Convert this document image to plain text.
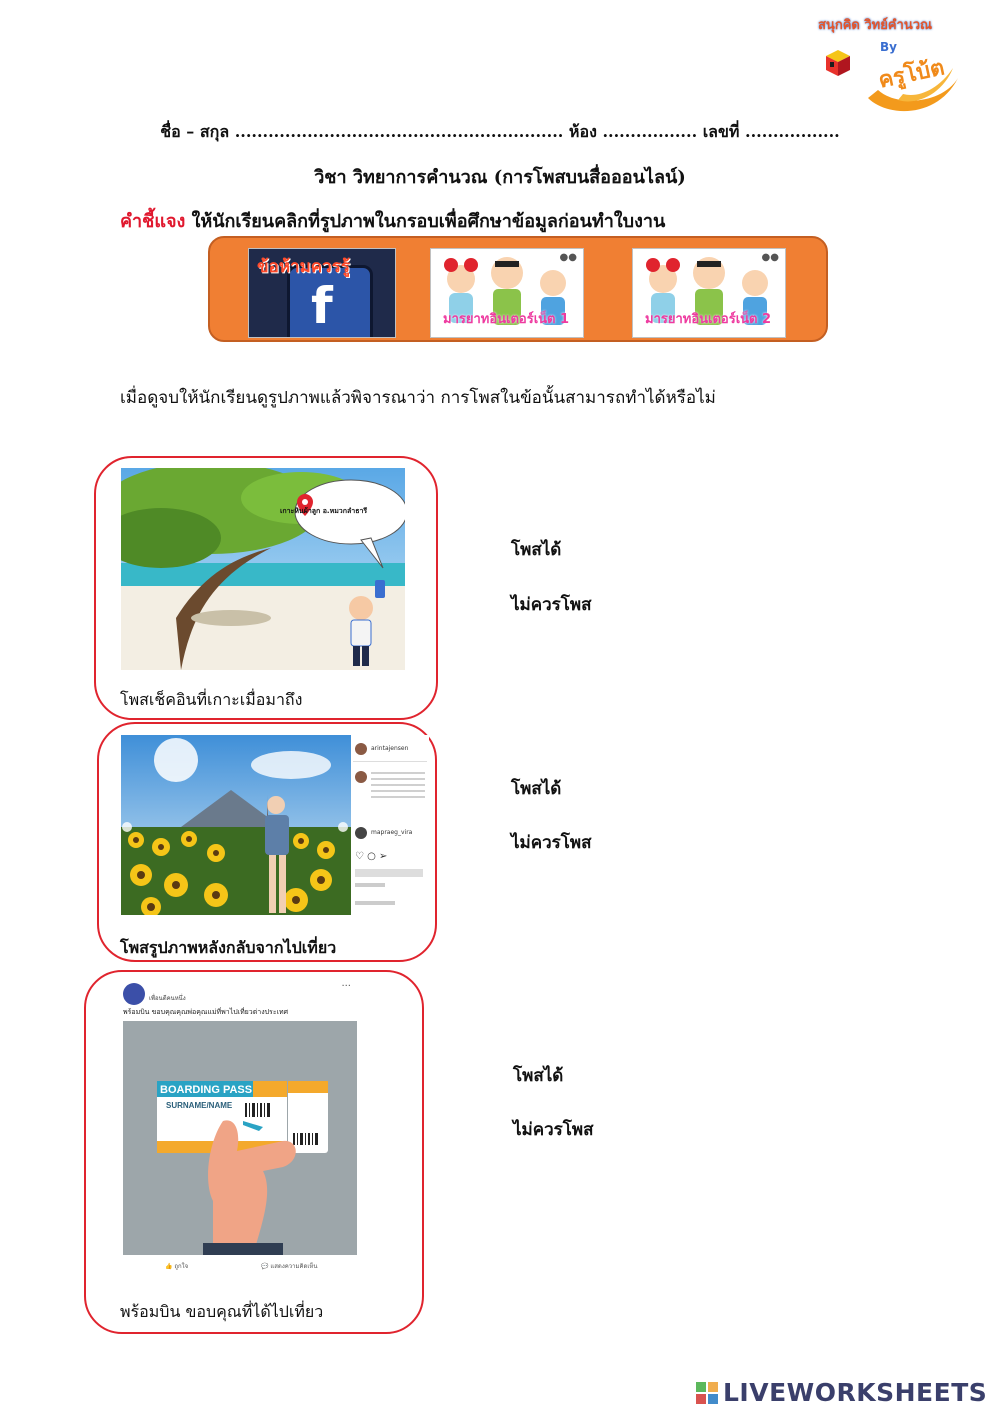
สนุกคิด วิทย์คำนวณ
By
ครูโบ้ต
ชื่อ – สกุล ........................................................... ห้อง ................. เลขที่ .................
วิชา วิทยาการคำนวณ (การโพสบนสื่อออนไลน์)
คำชี้แจง ให้นักเรียนคลิกที่รูปภาพในกรอบเพื่อศึกษาข้อมูลก่อนทำใบงาน
f
ข้อห้ามควรรู้	●●
มารยาทอินเตอร์เน็ต 1
●●
มารยาทอินเตอร์เน็ต 2
เมื่อดูจบให้นักเรียนดูรูปภาพแล้วพิจารณาว่า การโพสในข้อนั้นสามารถทำได้หรือไม่
เกาะหินผ้าลูก อ.หมวกลำธารี
โพสเช็คอินที่เกาะเมื่อมาถึง
โพสได้
ไม่ควรโพส
arintajensen
mapraeg_vira
♡ ○ ➢
โพสรูปภาพหลังกลับจากไปเที่ยว
โพสได้
ไม่ควรโพส
เพื่อนดีคนหนึ่ง
···
พร้อมบิน ขอบคุณคุณพ่อคุณแม่ที่พาไปเที่ยวต่างประเทศ
👍 ถูกใจ	💬 แสดงความคิดเห็น
BOARDING PASS
SURNAME/NAME
พร้อมบิน ขอบคุณที่ได้ไปเที่ยว
โพสได้
ไม่ควรโพส
LIVEWORKSHEETS
